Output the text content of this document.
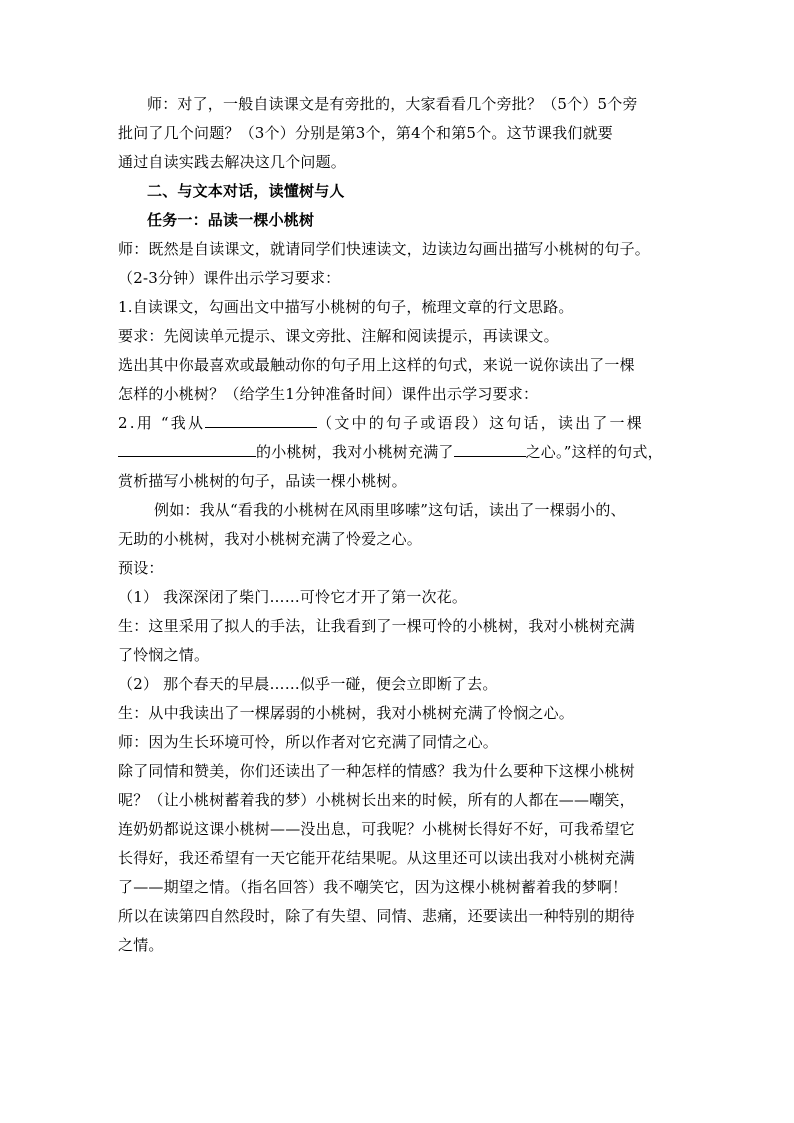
师：对了，一般自读课文是有旁批的，大家看看几个旁批？（5个）5个旁
批问了几个问题？（3个）分别是第3个，第4个和第5个。这节课我们就要
通过自读实践去解决这几个问题。
二、与文本对话，读懂树与人
任务一：品读一棵小桃树
师：既然是自读课文，就请同学们快速读文，边读边勾画出描写小桃树的句子。
（2-3分钟）课件出示学习要求：
1.自读课文，勾画出文中描写小桃树的句子，梳理文章的行文思路。
要求：先阅读单元提示、课文旁批、注解和阅读提示，再读课文。
选出其中你最喜欢或最触动你的句子用上这样的句式，来说一说你读出了一棵
怎样的小桃树？（给学生1分钟准备时间）课件出示学习要求：
2.用 “我从	（文中的句子或语段）这句话，读出了一棵
的小桃树，我对小桃树充满了	之心。”这样的句式，
赏析描写小桃树的句子，品读一棵小桃树。
例如：我从“看我的小桃树在风雨里哆嗦”这句话，读出了一棵弱小的、
无助的小桃树，我对小桃树充满了怜爱之心。
预设：
（1） 我深深闭了柴门……可怜它才开了第一次花。
生：这里采用了拟人的手法，让我看到了一棵可怜的小桃树，我对小桃树充满
了怜悯之情。
（2） 那个春天的早晨……似乎一碰，便会立即断了去。
生：从中我读出了一棵孱弱的小桃树，我对小桃树充满了怜悯之心。
师：因为生长环境可怜，所以作者对它充满了同情之心。
除了同情和赞美，你们还读出了一种怎样的情感？我为什么要种下这棵小桃树
呢？（让小桃树蓄着我的梦）小桃树长出来的时候，所有的人都在——嘲笑，
连奶奶都说这课小桃树——没出息，可我呢？小桃树长得好不好，可我希望它
长得好，我还希望有一天它能开花结果呢。从这里还可以读出我对小桃树充满
了——期望之情。（指名回答）我不嘲笑它，因为这棵小桃树蓄着我的梦啊！
所以在读第四自然段时，除了有失望、同情、悲痛，还要读出一种特别的期待
之情。
